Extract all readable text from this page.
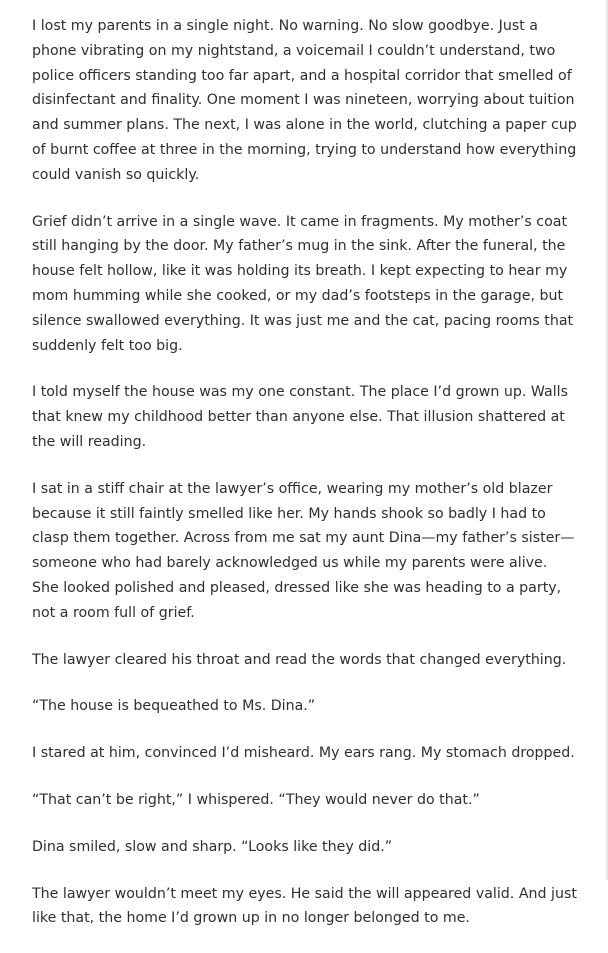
I lost my parents in a single night. No warning. No slow goodbye. Just a phone vibrating on my nightstand, a voicemail I couldn’t understand, two police officers standing too far apart, and a hospital corridor that smelled of disinfectant and finality. One moment I was nineteen, worrying about tuition and summer plans. The next, I was alone in the world, clutching a paper cup of burnt coffee at three in the morning, trying to understand how everything could vanish so quickly.

Grief didn’t arrive in a single wave. It came in fragments. My mother’s coat still hanging by the door. My father’s mug in the sink. After the funeral, the house felt hollow, like it was holding its breath. I kept expecting to hear my mom humming while she cooked, or my dad’s footsteps in the garage, but silence swallowed everything. It was just me and the cat, pacing rooms that suddenly felt too big.

I told myself the house was my one constant. The place I’d grown up. Walls that knew my childhood better than anyone else. That illusion shattered at the will reading.

I sat in a stiff chair at the lawyer’s office, wearing my mother’s old blazer because it still faintly smelled like her. My hands shook so badly I had to clasp them together. Across from me sat my aunt Dina—my father’s sister—someone who had barely acknowledged us while my parents were alive. She looked polished and pleased, dressed like she was heading to a party, not a room full of grief.

The lawyer cleared his throat and read the words that changed everything.

“The house is bequeathed to Ms. Dina.”

I stared at him, convinced I’d misheard. My ears rang. My stomach dropped.

“That can’t be right,” I whispered. “They would never do that.”

Dina smiled, slow and sharp. “Looks like they did.”

The lawyer wouldn’t meet my eyes. He said the will appeared valid. And just like that, the home I’d grown up in no longer belonged to me.
